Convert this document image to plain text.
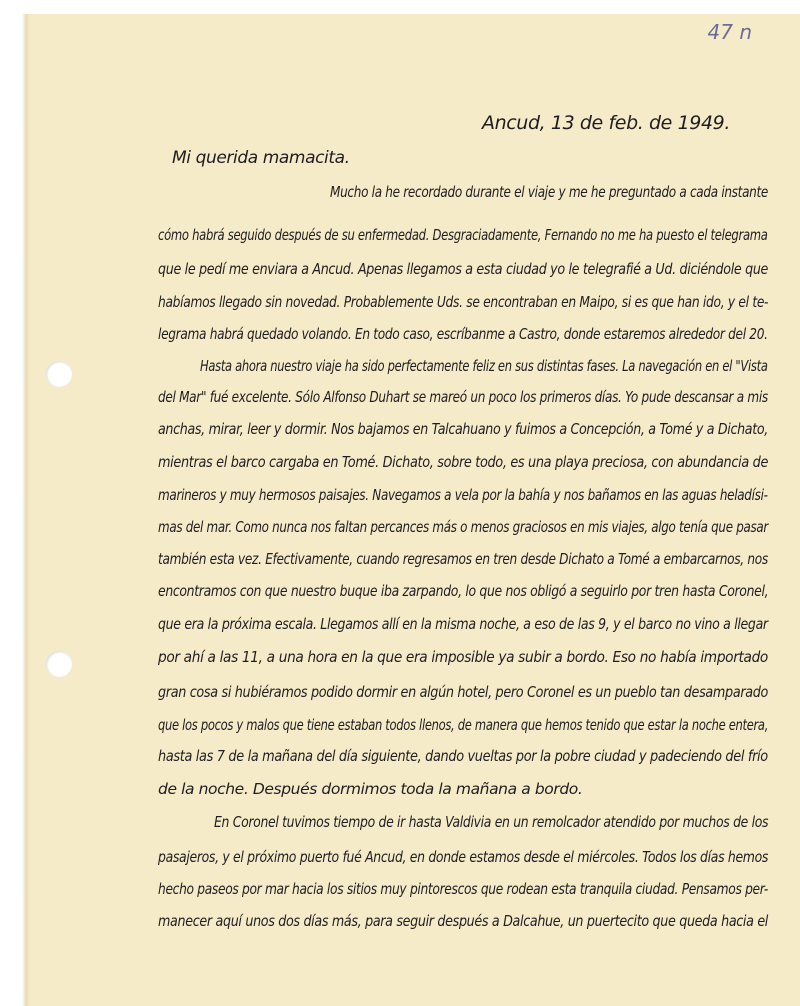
47 n
Ancud, 13 de feb. de 1949.
Mi querida mamacita.
Mucho la he recordado durante el viaje y me he preguntado a cada instante
cómo habrá seguido después de su enfermedad. Desgraciadamente, Fernando no me ha puesto el telegrama
que le pedí me enviara a Ancud. Apenas llegamos a esta ciudad yo le telegrafié a Ud. diciéndole que
habíamos llegado sin novedad. Probablemente Uds. se encontraban en Maipo, si es que han ido, y el te-
legrama habrá quedado volando. En todo caso, escríbanme a Castro, donde estaremos alrededor del 20.
Hasta ahora nuestro viaje ha sido perfectamente feliz en sus distintas fases. La navegación en el "Vista
del Mar" fué excelente. Sólo Alfonso Duhart se mareó un poco los primeros días. Yo pude descansar a mis
anchas, mirar, leer y dormir. Nos bajamos en Talcahuano y fuimos a Concepción, a Tomé y a Dichato,
mientras el barco cargaba en Tomé. Dichato, sobre todo, es una playa preciosa, con abundancia de
marineros y muy hermosos paisajes. Navegamos a vela por la bahía y nos bañamos en las aguas heladísi-
mas del mar. Como nunca nos faltan percances más o menos graciosos en mis viajes, algo tenía que pasar
también esta vez. Efectivamente, cuando regresamos en tren desde Dichato a Tomé a embarcarnos, nos
encontramos con que nuestro buque iba zarpando, lo que nos obligó a seguirlo por tren hasta Coronel,
que era la próxima escala. Llegamos allí en la misma noche, a eso de las 9, y el barco no vino a llegar
por ahí a las 11, a una hora en la que era imposible ya subir a bordo. Eso no había importado
gran cosa si hubiéramos podido dormir en algún hotel, pero Coronel es un pueblo tan desamparado
que los pocos y malos que tiene estaban todos llenos, de manera que hemos tenido que estar la noche entera,
hasta las 7 de la mañana del día siguiente, dando vueltas por la pobre ciudad y padeciendo del frío
de la noche. Después dormimos toda la mañana a bordo.
En Coronel tuvimos tiempo de ir hasta Valdivia en un remolcador atendido por muchos de los
pasajeros, y el próximo puerto fué Ancud, en donde estamos desde el miércoles. Todos los días hemos
hecho paseos por mar hacia los sitios muy pintorescos que rodean esta tranquila ciudad. Pensamos per-
manecer aquí unos dos días más, para seguir después a Dalcahue, un puertecito que queda hacia el
